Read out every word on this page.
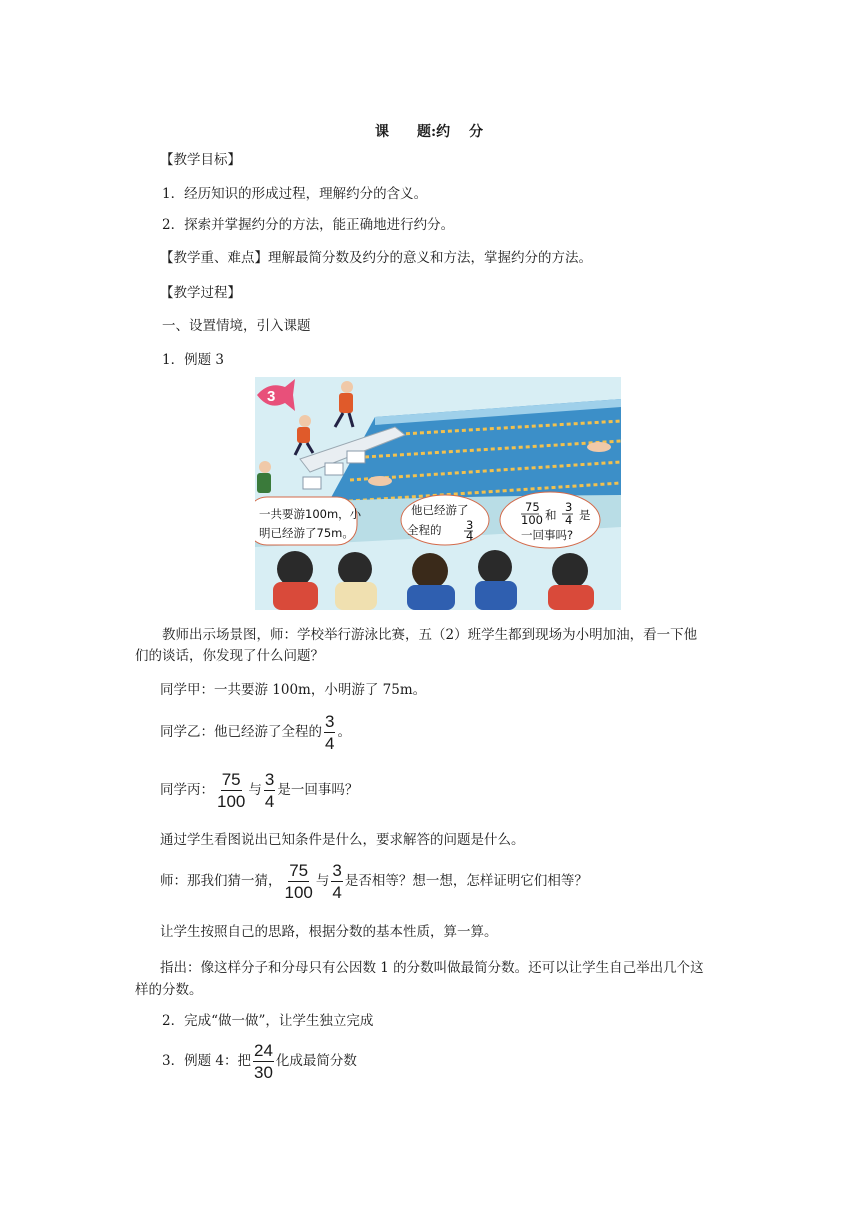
课　　题:约　 分
【教学目标】
1．经历知识的形成过程，理解约分的含义。
2．探索并掌握约分的方法，能正确地进行约分。
【教学重、难点】理解最简分数及约分的意义和方法，掌握约分的方法。
【教学过程】
一、设置情境，引入课题
1．例题 3
3
一共要游100m，小
明已经游了75m。
他已经游了
全程的 3
4
75
100 和
3
4 是
一回事吗?
教师出示场景图，师：学校举行游泳比赛，五（2）班学生都到现场为小明加油，看一下他
们的谈话，你发现了什么问题？
同学甲：一共要游 100m，小明游了 75m。
同学乙：他已经游了全程的 $\frac{3}{4}$ 。
同学丙： $\frac{75}{100}$ 与 $\frac{3}{4}$ 是一回事吗？
通过学生看图说出已知条件是什么，要求解答的问题是什么。
师：那我们猜一猜， $\frac{75}{100}$ 与 $\frac{3}{4}$ 是否相等？想一想，怎样证明它们相等？
让学生按照自己的思路，根据分数的基本性质，算一算。
指出：像这样分子和分母只有公因数 1 的分数叫做最简分数。还可以让学生自己举出几个这
样的分数。
2．完成“做一做”，让学生独立完成
3．例题 4：把 $\frac{24}{30}$ 化成最简分数
